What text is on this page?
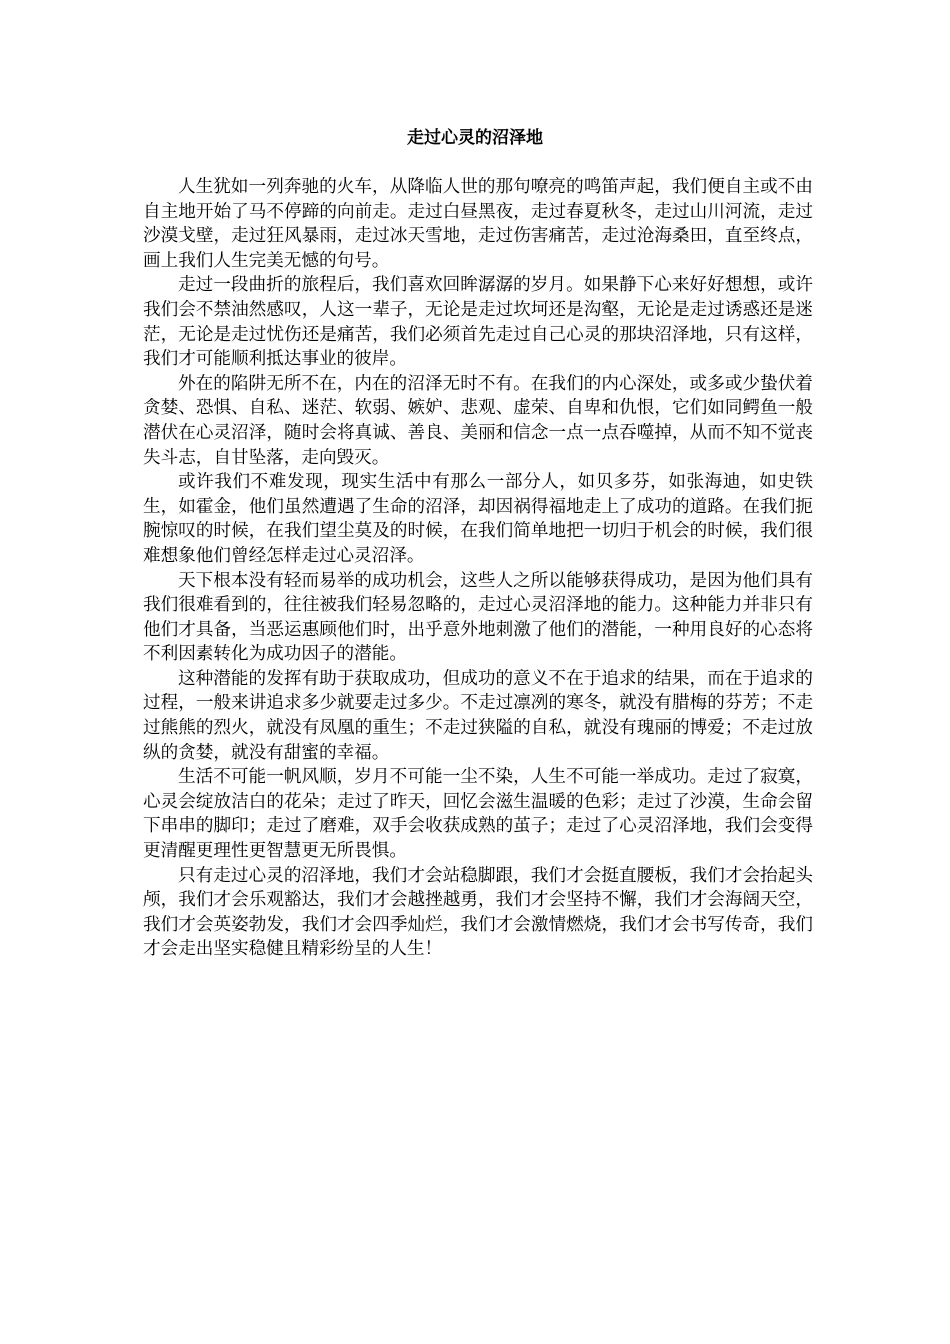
走过心灵的沼泽地

人生犹如一列奔驰的火车，从降临人世的那句嘹亮的鸣笛声起，我们便自主或不由自主地开始了马不停蹄的向前走。走过白昼黑夜，走过春夏秋冬，走过山川河流，走过沙漠戈壁，走过狂风暴雨，走过冰天雪地，走过伤害痛苦，走过沧海桑田，直至终点，画上我们人生完美无憾的句号。

走过一段曲折的旅程后，我们喜欢回眸潺潺的岁月。如果静下心来好好想想，或许我们会不禁油然感叹，人这一辈子，无论是走过坎坷还是沟壑，无论是走过诱惑还是迷茫，无论是走过忧伤还是痛苦，我们必须首先走过自己心灵的那块沼泽地，只有这样，我们才可能顺利抵达事业的彼岸。

外在的陷阱无所不在，内在的沼泽无时不有。在我们的内心深处，或多或少蛰伏着贪婪、恐惧、自私、迷茫、软弱、嫉妒、悲观、虚荣、自卑和仇恨，它们如同鳄鱼一般潜伏在心灵沼泽，随时会将真诚、善良、美丽和信念一点一点吞噬掉，从而不知不觉丧失斗志，自甘坠落，走向毁灭。

或许我们不难发现，现实生活中有那么一部分人，如贝多芬，如张海迪，如史铁生，如霍金，他们虽然遭遇了生命的沼泽，却因祸得福地走上了成功的道路。在我们扼腕惊叹的时候，在我们望尘莫及的时候，在我们简单地把一切归于机会的时候，我们很难想象他们曾经怎样走过心灵沼泽。

天下根本没有轻而易举的成功机会，这些人之所以能够获得成功，是因为他们具有我们很难看到的，往往被我们轻易忽略的，走过心灵沼泽地的能力。这种能力并非只有他们才具备，当恶运惠顾他们时，出乎意外地刺激了他们的潜能，一种用良好的心态将不利因素转化为成功因子的潜能。

这种潜能的发挥有助于获取成功，但成功的意义不在于追求的结果，而在于追求的过程，一般来讲追求多少就要走过多少。不走过凛冽的寒冬，就没有腊梅的芬芳；不走过熊熊的烈火，就没有凤凰的重生；不走过狭隘的自私，就没有瑰丽的博爱；不走过放纵的贪婪，就没有甜蜜的幸福。

生活不可能一帆风顺，岁月不可能一尘不染，人生不可能一举成功。走过了寂寞，心灵会绽放洁白的花朵；走过了昨天，回忆会滋生温暖的色彩；走过了沙漠，生命会留下串串的脚印；走过了磨难，双手会收获成熟的茧子；走过了心灵沼泽地，我们会变得更清醒更理性更智慧更无所畏惧。

只有走过心灵的沼泽地，我们才会站稳脚跟，我们才会挺直腰板，我们才会抬起头颅，我们才会乐观豁达，我们才会越挫越勇，我们才会坚持不懈，我们才会海阔天空，我们才会英姿勃发，我们才会四季灿烂，我们才会激情燃烧，我们才会书写传奇，我们才会走出坚实稳健且精彩纷呈的人生！
